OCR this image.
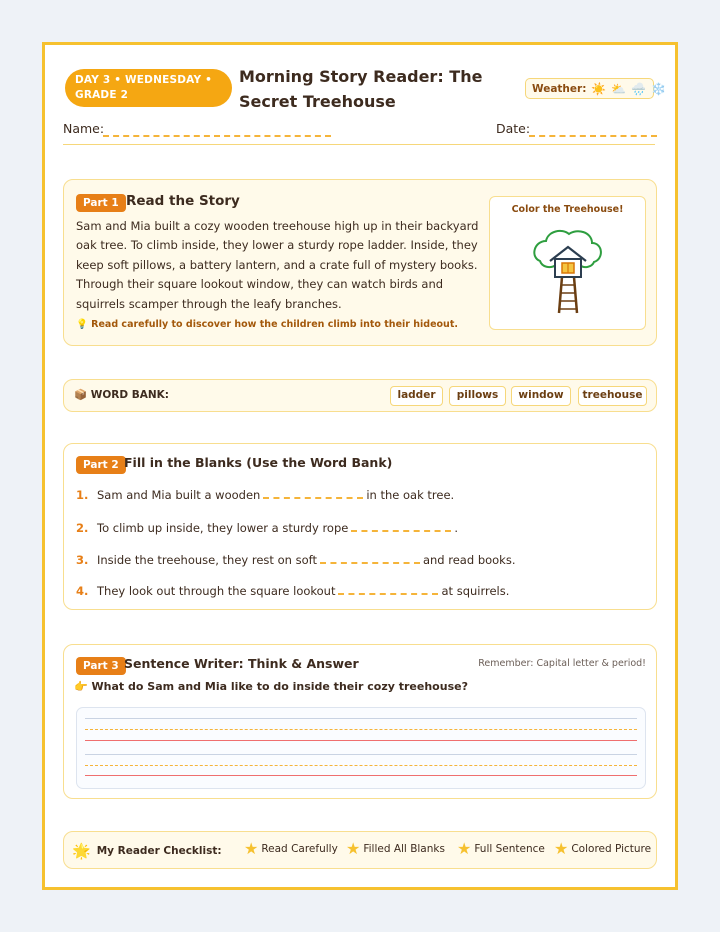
DAY 3 • WEDNESDAY •
GRADE 2
Morning Story Reader: The Secret Treehouse
Weather: ☀️ ⛅ 🌧️ ❄️
Name:	Date:
Part 1 Read the Story

Sam and Mia built a cozy wooden treehouse high up in their backyard oak tree. To climb inside, they lower a sturdy rope ladder. Inside, they keep soft pillows, a battery lantern, and a crate full of mystery books. Through their square lookout window, they can watch birds and squirrels scamper through the leafy branches.

💡 Read carefully to discover how the children climb into their hideout.
Color the Treehouse!
📦 WORD BANK:	ladder	pillows	window	treehouse
Part 2 Fill in the Blanks (Use the Word Bank)
1. Sam and Mia built a wooden	in the oak tree.
2. To climb up inside, they lower a sturdy rope	.
3. Inside the treehouse, they rest on soft	and read books.
4. They look out through the square lookout	at squirrels.
Part 3 Sentence Writer: Think & Answer	Remember: Capital letter & period!
👉 What do Sam and Mia like to do inside their cozy treehouse?
🌟 My Reader Checklist: ★ Read Carefully ★ Filled All Blanks ★ Full Sentence ★ Colored Picture
